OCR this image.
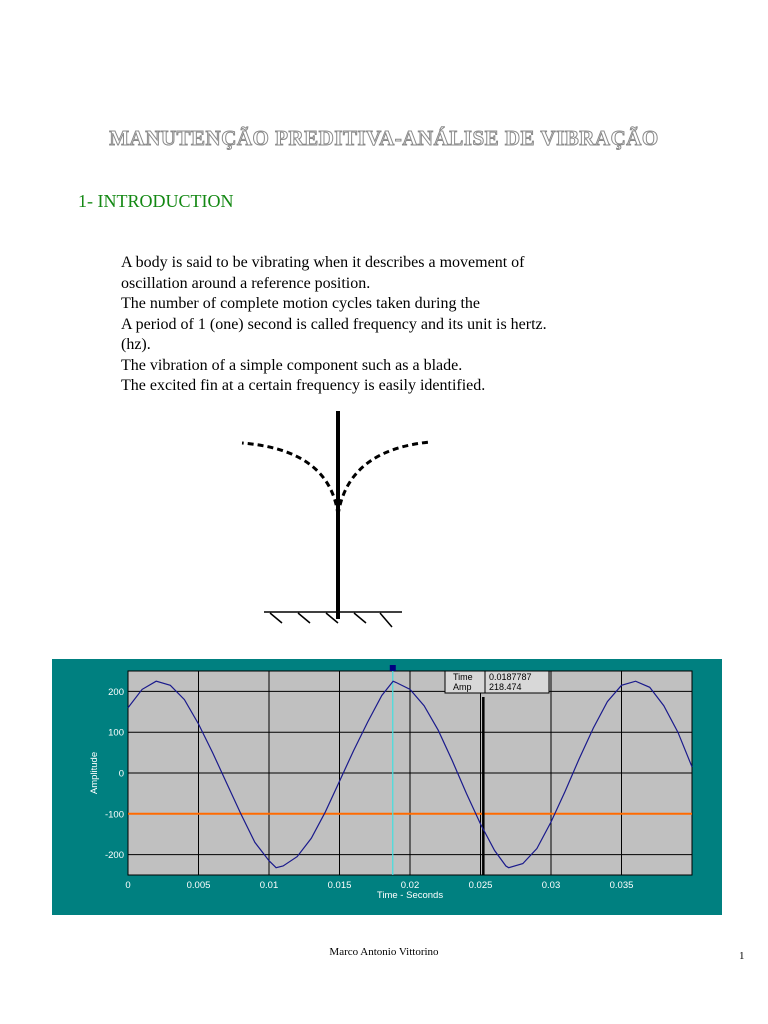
MANUTENÇÃO PREDITIVA-ANÁLISE DE VIBRAÇÃO
1- INTRODUCTION
A body is said to be vibrating when it describes a movement of
oscillation around a reference position.
The number of complete motion cycles taken during the
A period of 1 (one) second is called frequency and its unit is hertz.
(hz).
The vibration of a simple component such as a blade.
The excited fin at a certain frequency is easily identified.
0	0.005	0.01	0.015	0.02	0.025	0.03	0.035
200
100
0
-100
-200
Time - Seconds
Amplitude
Time 0.0187787
Amp 218.474
Marco Antonio Vittorino	1
